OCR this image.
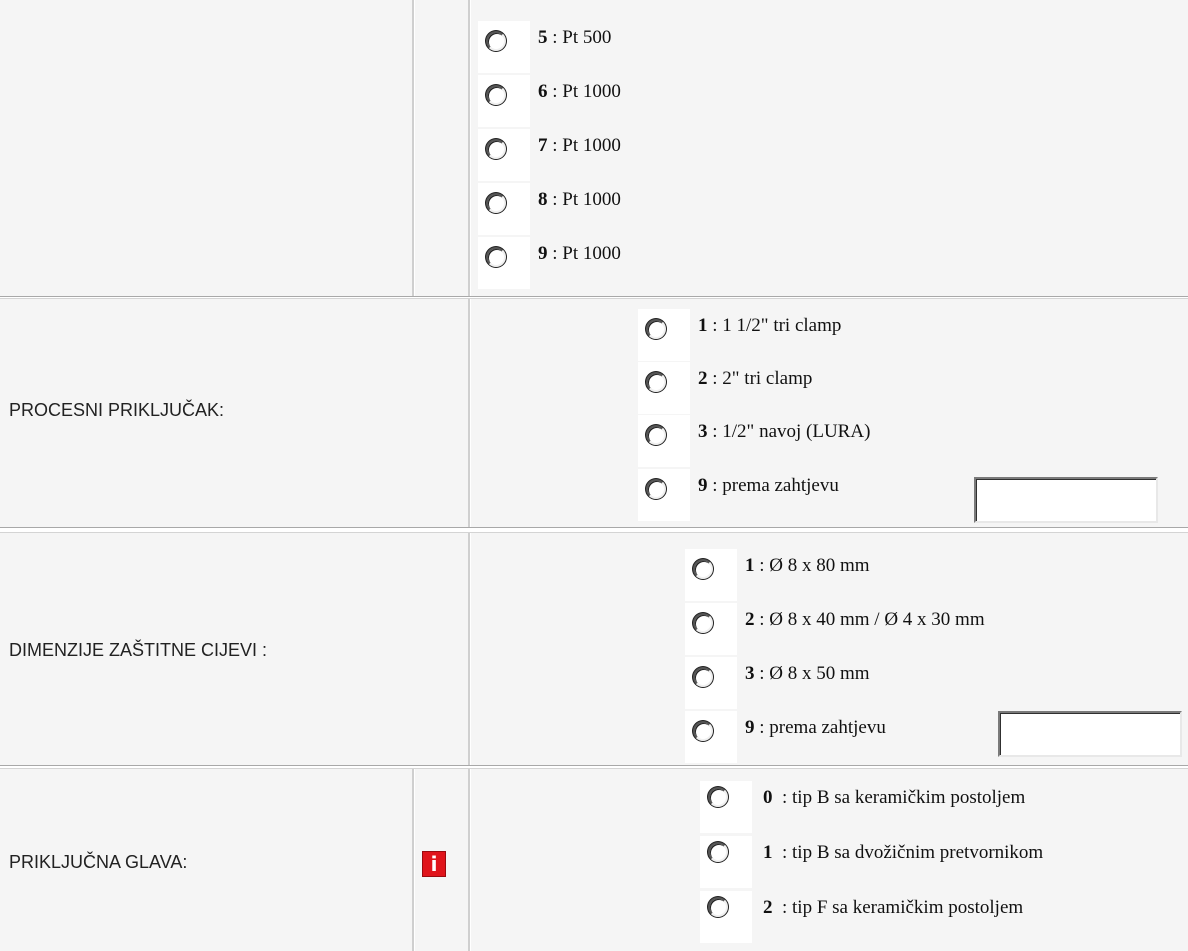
5 : Pt 500
6 : Pt 1000
7 : Pt 1000
8 : Pt 1000
9 : Pt 1000
PROCESNI PRIKLJUČAK:
1 : 1 1/2" tri clamp
2 : 2" tri clamp
3 : 1/2" navoj (LURA)
9 : prema zahtjevu
DIMENZIJE ZAŠTITNE CIJEVI :
1 : Ø 8 x 80 mm
2 : Ø 8 x 40 mm / Ø 4 x 30 mm
3 : Ø 8 x 50 mm
9 : prema zahtjevu
PRIKLJUČNA GLAVA:	i
0  : tip B sa keramičkim postoljem
1  : tip B sa dvožičnim pretvornikom
2  : tip F sa keramičkim postoljem
